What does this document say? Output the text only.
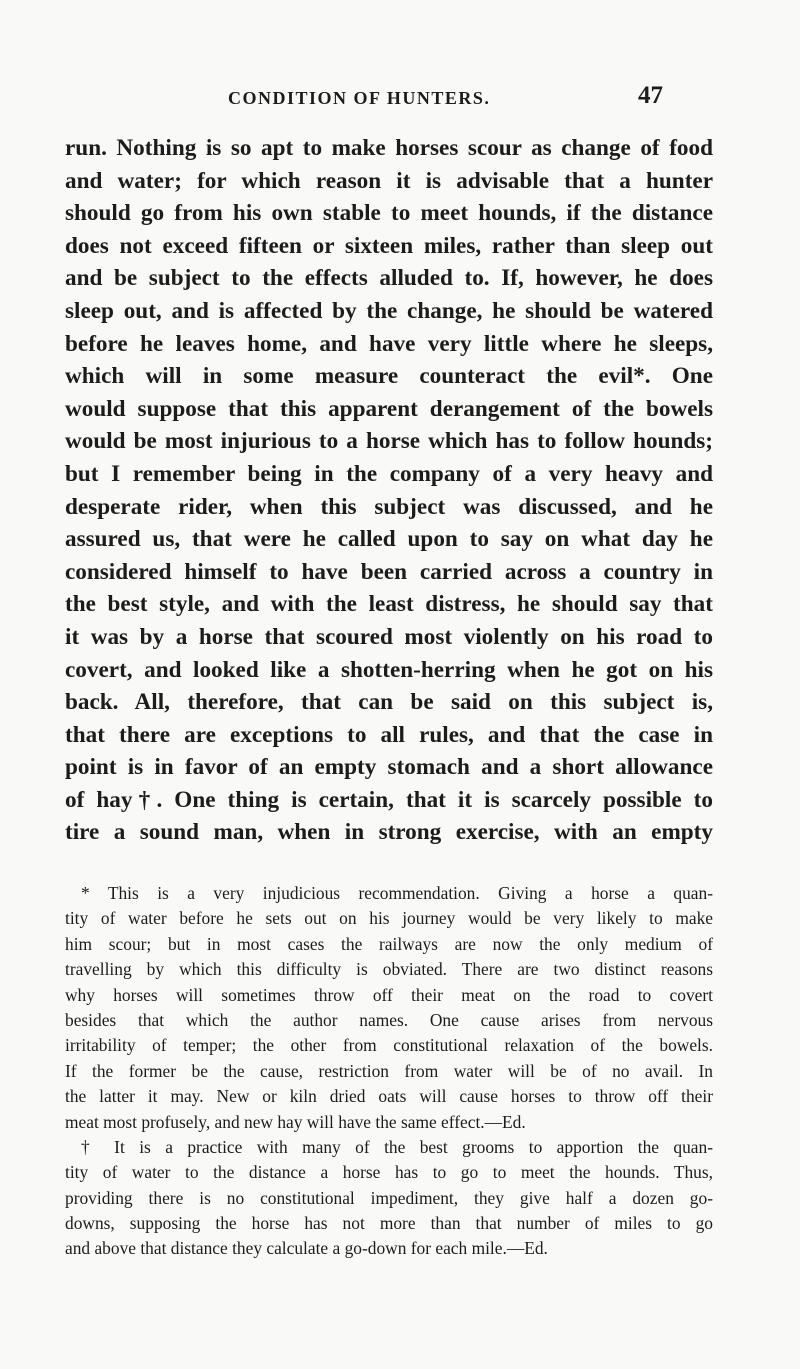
CONDITION OF HUNTERS.	47
run. Nothing is so apt to make horses scour as change of food
and water; for which reason it is advisable that a hunter
should go from his own stable to meet hounds, if the distance
does not exceed fifteen or sixteen miles, rather than sleep out
and be subject to the effects alluded to. If, however, he does
sleep out, and is affected by the change, he should be watered
before he leaves home, and have very little where he sleeps,
which will in some measure counteract the evil*. One
would suppose that this apparent derangement of the bowels
would be most injurious to a horse which has to follow hounds;
but I remember being in the company of a very heavy and
desperate rider, when this subject was discussed, and he
assured us, that were he called upon to say on what day he
considered himself to have been carried across a country in
the best style, and with the least distress, he should say that
it was by a horse that scoured most violently on his road to
covert, and looked like a shotten-herring when he got on his
back. All, therefore, that can be said on this subject is,
that there are exceptions to all rules, and that the case in
point is in favor of an empty stomach and a short allowance
of hay†. One thing is certain, that it is scarcely possible to
tire a sound man, when in strong exercise, with an empty
* This is a very injudicious recommendation. Giving a horse a quan-
tity of water before he sets out on his journey would be very likely to make
him scour; but in most cases the railways are now the only medium of
travelling by which this difficulty is obviated. There are two distinct reasons
why horses will sometimes throw off their meat on the road to covert
besides that which the author names. One cause arises from nervous
irritability of temper; the other from constitutional relaxation of the bowels.
If the former be the cause, restriction from water will be of no avail. In
the latter it may. New or kiln dried oats will cause horses to throw off their
meat most profusely, and new hay will have the same effect.—Ed.
† It is a practice with many of the best grooms to apportion the quan-
tity of water to the distance a horse has to go to meet the hounds. Thus,
providing there is no constitutional impediment, they give half a dozen go-
downs, supposing the horse has not more than that number of miles to go
and above that distance they calculate a go-down for each mile.—Ed.
